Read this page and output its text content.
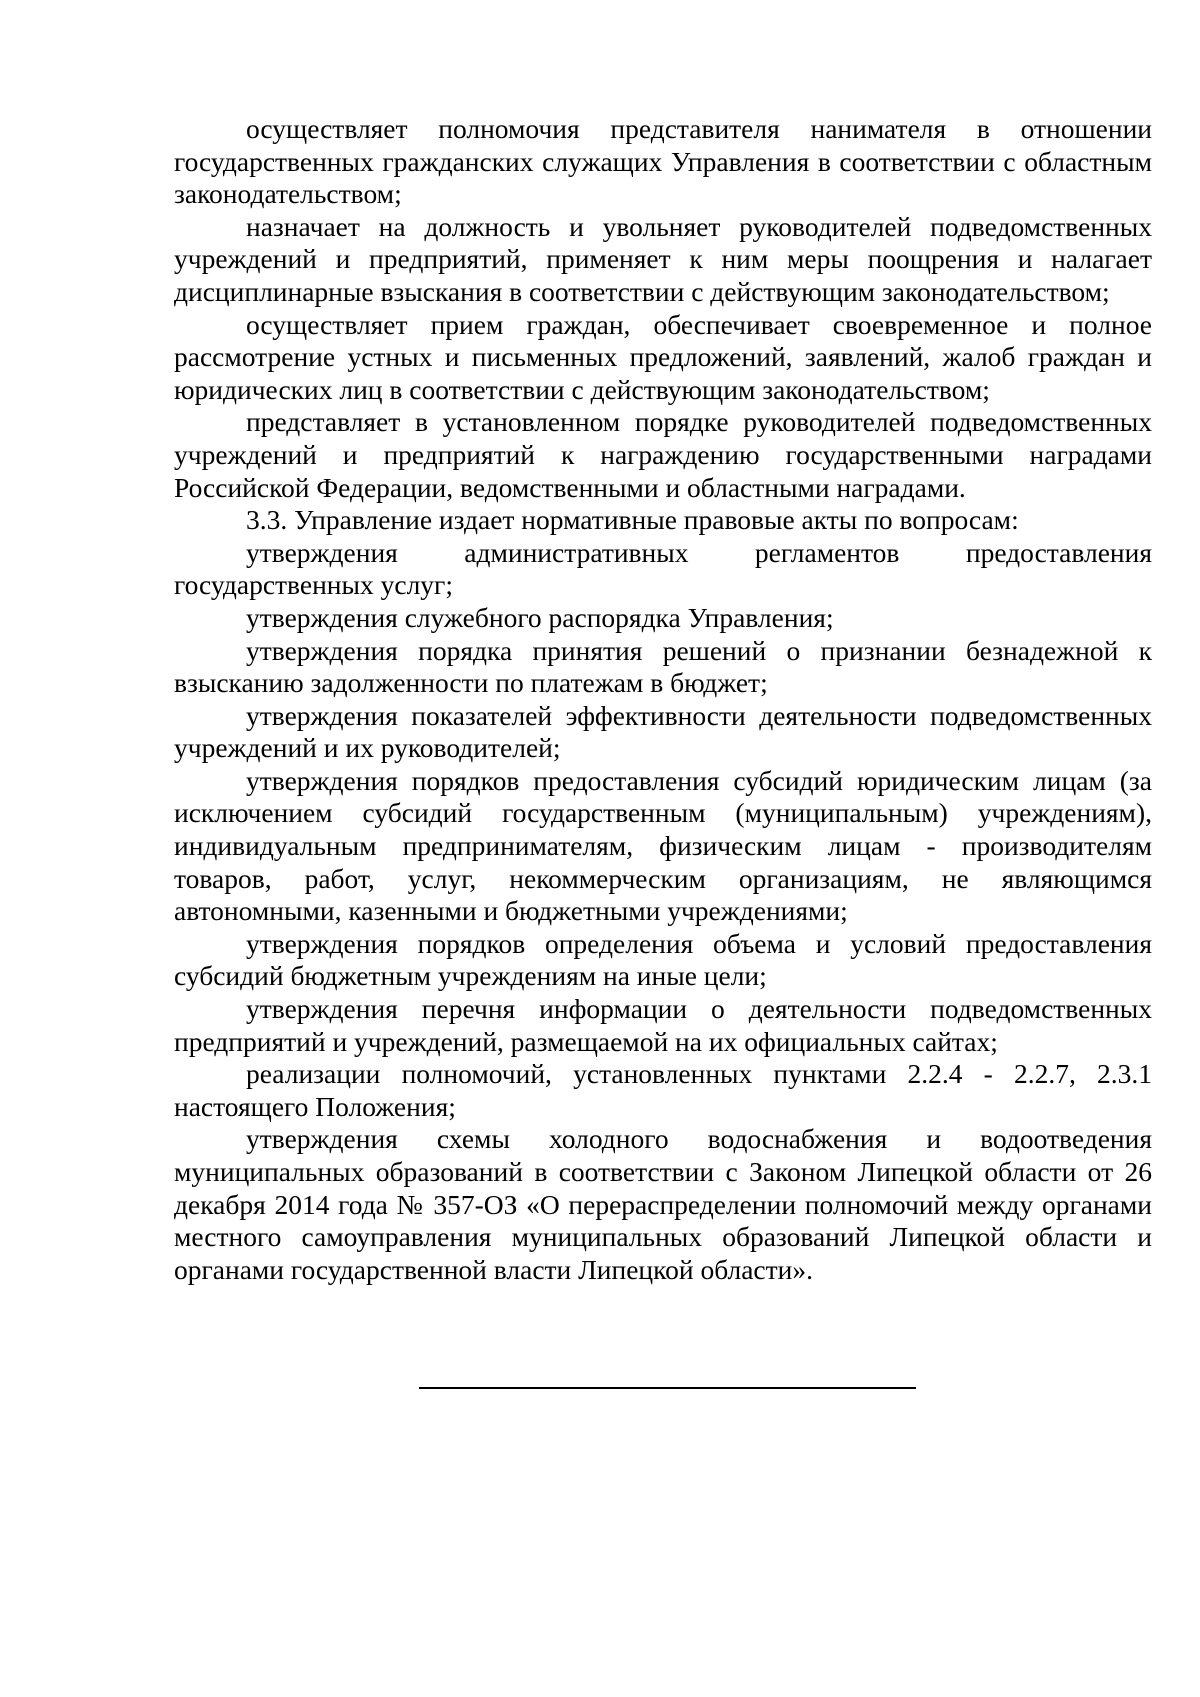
осуществляет полномочия представителя нанимателя в отношении государственных гражданских служащих Управления в соответствии с областным законодательством;

назначает на должность и увольняет руководителей подведомственных учреждений и предприятий, применяет к ним меры поощрения и налагает дисциплинарные взыскания в соответствии с действующим законодательством;

осуществляет прием граждан, обеспечивает своевременное и полное рассмотрение устных и письменных предложений, заявлений, жалоб граждан и юридических лиц в соответствии с действующим законодательством;

представляет в установленном порядке руководителей подведомственных учреждений и предприятий к награждению государственными наградами Российской Федерации, ведомственными и областными наградами.

3.3. Управление издает нормативные правовые акты по вопросам:

утверждения административных регламентов предоставления государственных услуг;

утверждения служебного распорядка Управления;

утверждения порядка принятия решений о признании безнадежной к взысканию задолженности по платежам в бюджет;

утверждения показателей эффективности деятельности подведомственных учреждений и их руководителей;

утверждения порядков предоставления субсидий юридическим лицам (за исключением субсидий государственным (муниципальным) учреждениям), индивидуальным предпринимателям, физическим лицам - производителям товаров, работ, услуг, некоммерческим организациям, не являющимся автономными, казенными и бюджетными учреждениями;

утверждения порядков определения объема и условий предоставления субсидий бюджетным учреждениям на иные цели;

утверждения перечня информации о деятельности подведомственных предприятий и учреждений, размещаемой на их официальных сайтах;

реализации полномочий, установленных пунктами 2.2.4 - 2.2.7, 2.3.1 настоящего Положения;

утверждения схемы холодного водоснабжения и водоотведения муниципальных образований в соответствии с Законом Липецкой области от 26 декабря 2014 года № 357-ОЗ «О перераспределении полномочий между органами местного самоуправления муниципальных образований Липецкой области и органами государственной власти Липецкой области».
